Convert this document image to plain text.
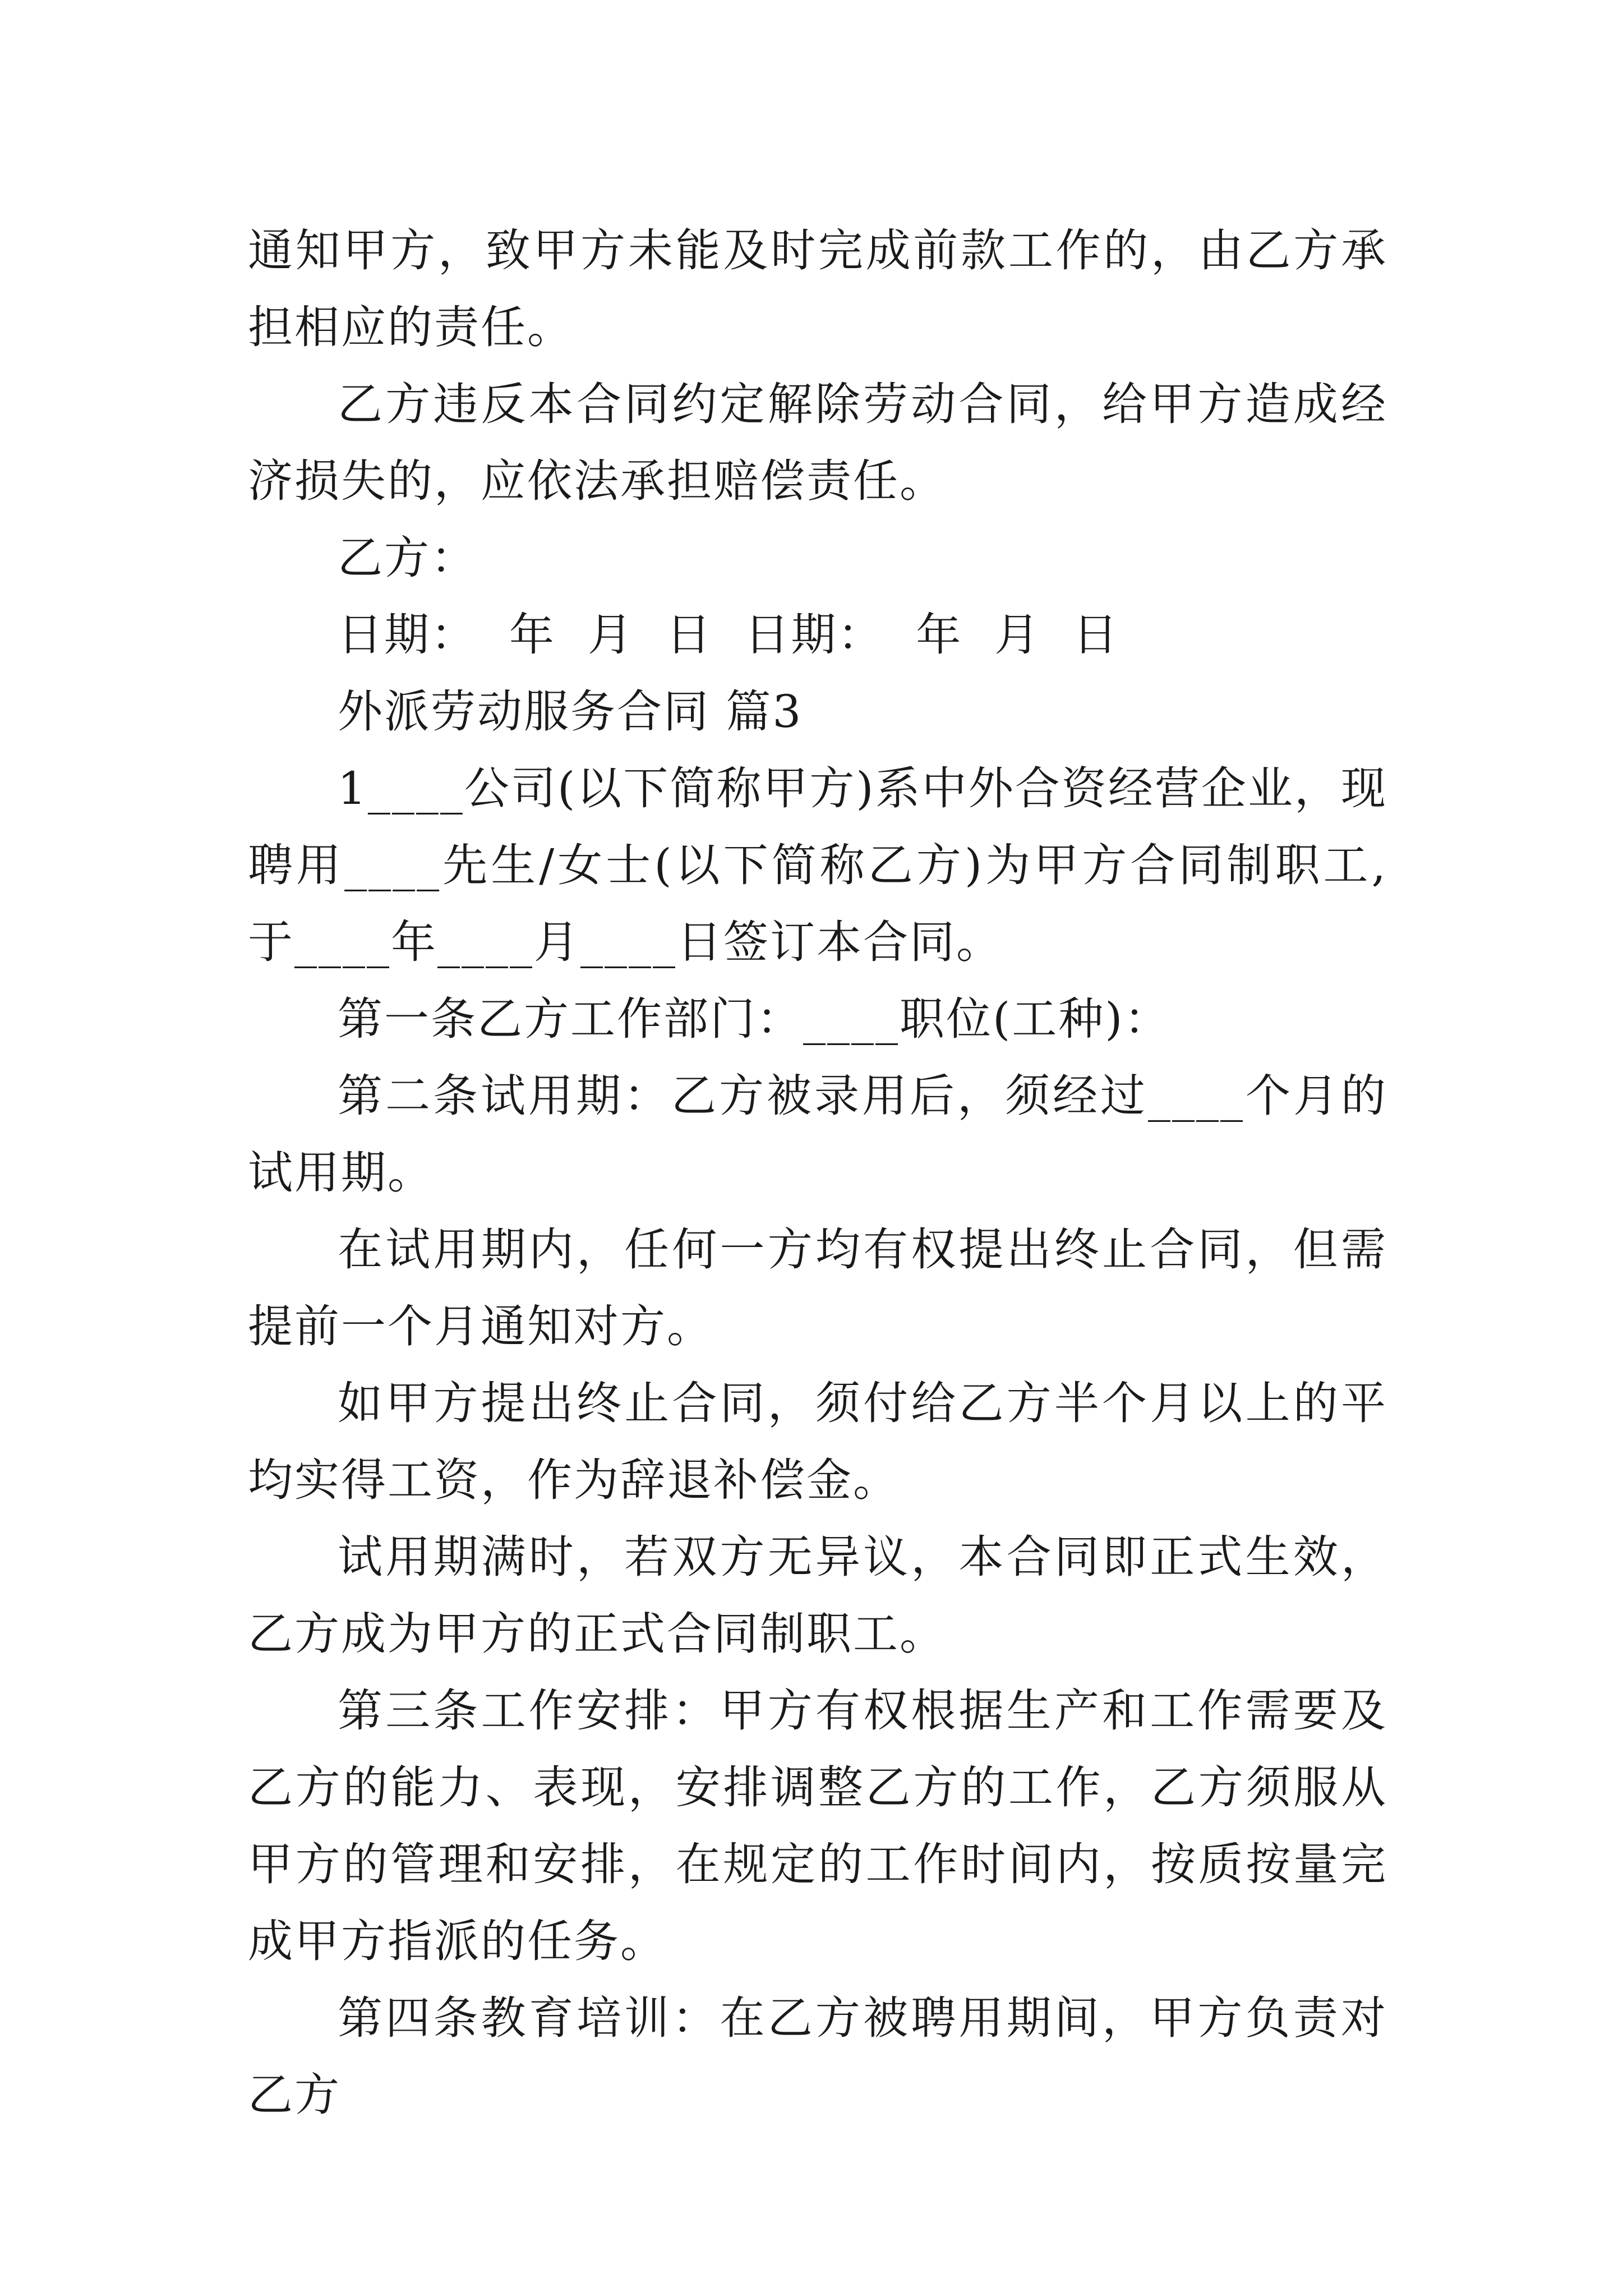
通知甲方，致甲方未能及时完成前款工作的，由乙方承担相应的责任。

乙方违反本合同约定解除劳动合同，给甲方造成经济损失的，应依法承担赔偿责任。

乙方：

日期：  年  月  日  日期：  年  月  日

外派劳动服务合同 篇3

1____公司(以下简称甲方)系中外合资经营企业，现聘用____先生/女士(以下简称乙方)为甲方合同制职工,于____年____月____日签订本合同。

第一条乙方工作部门：____职位(工种)：

第二条试用期：乙方被录用后，须经过____个月的试用期。

在试用期内，任何一方均有权提出终止合同，但需提前一个月通知对方。

如甲方提出终止合同，须付给乙方半个月以上的平均实得工资，作为辞退补偿金。

试用期满时，若双方无异议，本合同即正式生效，乙方成为甲方的正式合同制职工。

第三条工作安排：甲方有权根据生产和工作需要及乙方的能力、表现，安排调整乙方的工作，乙方须服从甲方的管理和安排，在规定的工作时间内，按质按量完成甲方指派的任务。

第四条教育培训：在乙方被聘用期间，甲方负责对乙方
